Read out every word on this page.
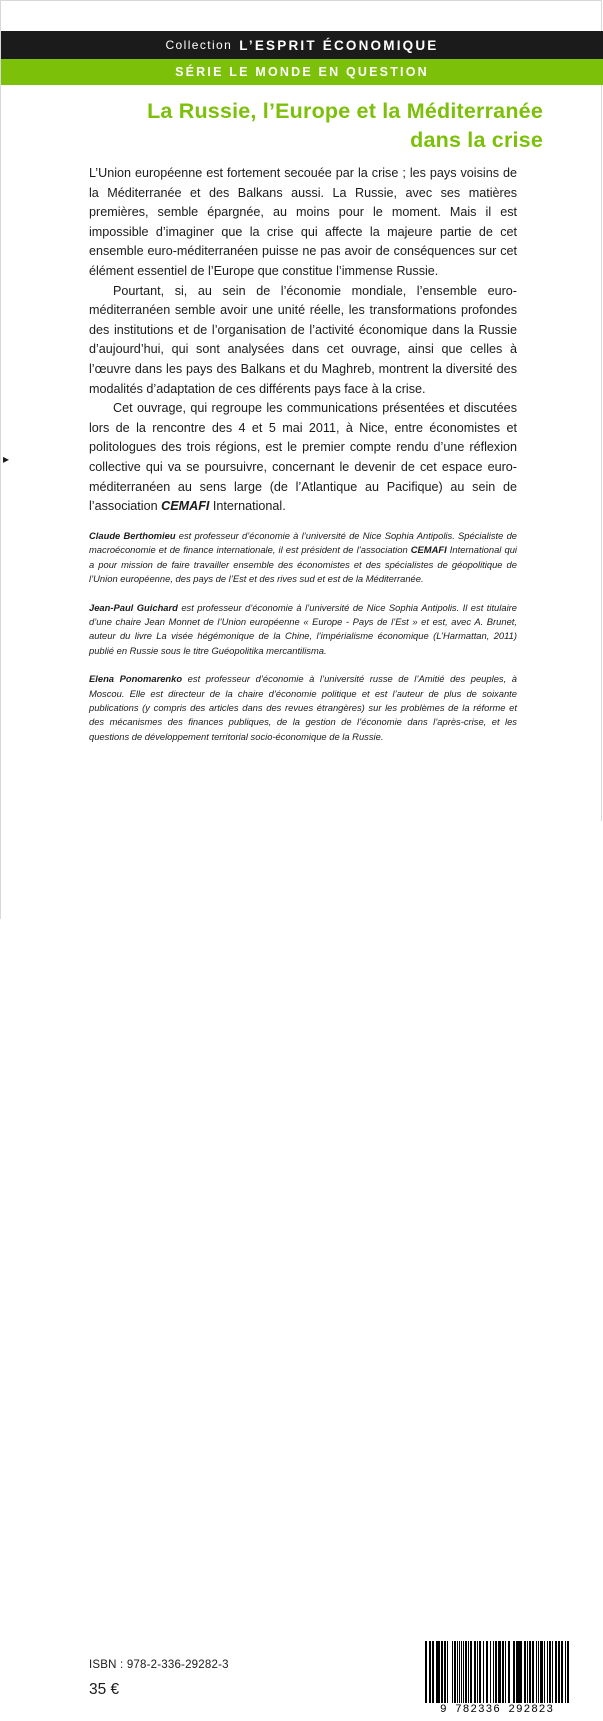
Collection L’ESPRIT ÉCONOMIQUE
SÉRIE LE MONDE EN QUESTION
La Russie, l’Europe et la Méditerranée
dans la crise

L’Union européenne est fortement secouée par la crise ; les pays voisins de la Méditerranée et des Balkans aussi. La Russie, avec ses matières premières, semble épargnée, au moins pour le moment. Mais il est impossible d’imaginer que la crise qui affecte la majeure partie de cet ensemble euro-méditerranéen puisse ne pas avoir de conséquences sur cet élément essentiel de l’Europe que constitue l’immense Russie.

Pourtant, si, au sein de l’économie mondiale, l’ensemble euro-méditerranéen semble avoir une unité réelle, les transformations profondes des institutions et de l’organisation de l’activité économique dans la Russie d’aujourd’hui, qui sont analysées dans cet ouvrage, ainsi que celles à l’œuvre dans les pays des Balkans et du Maghreb, montrent la diversité des modalités d’adaptation de ces différents pays face à la crise.

Cet ouvrage, qui regroupe les communications présentées et discutées lors de la rencontre des 4 et 5 mai 2011, à Nice, entre économistes et politologues des trois régions, est le premier compte rendu d’une réflexion collective qui va se poursuivre, concernant le devenir de cet espace euro-méditerranéen au sens large (de l’Atlantique au Pacifique) au sein de l’association CEMAFI International.

▸

Claude Berthomieu est professeur d’économie à l’université de Nice Sophia Antipolis. Spécialiste de macroéconomie et de finance internationale, il est président de l’association CEMAFI International qui a pour mission de faire travailler ensemble des économistes et des spécialistes de géopolitique de l’Union européenne, des pays de l’Est et des rives sud et est de la Méditerranée.

Jean-Paul Guichard est professeur d’économie à l’université de Nice Sophia Antipolis. Il est titulaire d’une chaire Jean Monnet de l’Union européenne « Europe - Pays de l’Est » et est, avec A. Brunet, auteur du livre La visée hégémonique de la Chine, l’impérialisme économique (L’Harmattan, 2011) publié en Russie sous le titre Guéopolitika mercantilisma.

Elena Ponomarenko est professeur d’économie à l’université russe de l’Amitié des peuples, à Moscou. Elle est directeur de la chaire d’économie politique et est l’auteur de plus de soixante publications (y compris des articles dans des revues étrangères) sur les problèmes de la réforme et des mécanismes des finances publiques, de la gestion de l’économie dans l’après-crise, et les questions de développement territorial socio-économique de la Russie.

ISBN : 978-2-336-29282-3
35 €
9 782336 292823
